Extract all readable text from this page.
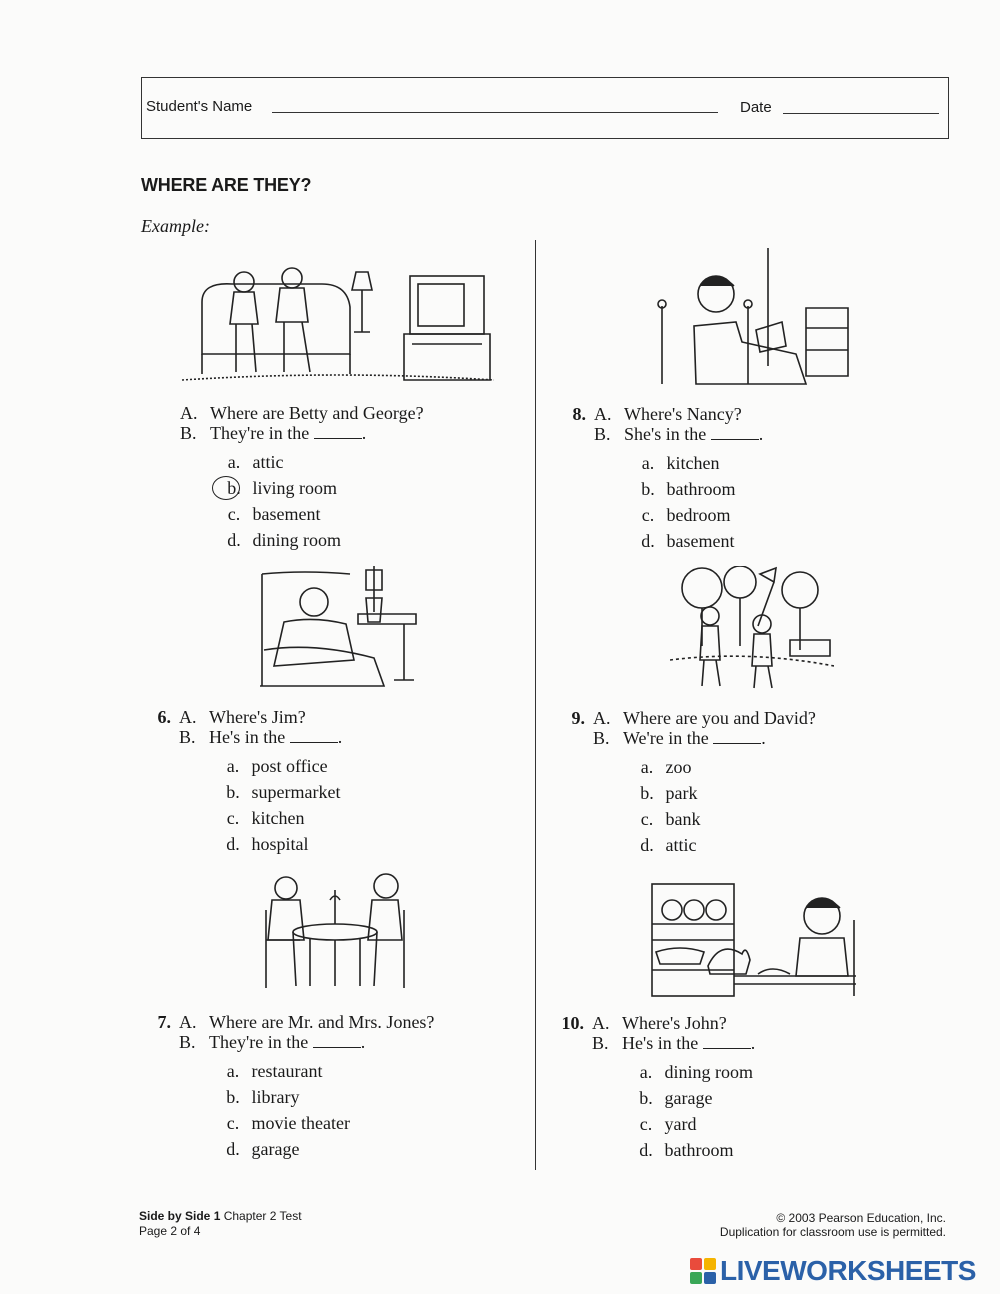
Student's Name	Date
WHERE ARE THEY?
Example:
A. Where are Betty and George?
B. They're in the	.
a. attic
b. living room
c. basement
d. dining room
6. A. Where's Jim?
B. He's in the	.
a. post office
b. supermarket
c. kitchen
d. hospital
7. A. Where are Mr. and Mrs. Jones?
B. They're in the	.
a. restaurant
b. library
c. movie theater
d. garage
8. A. Where's Nancy?
B. She's in the	.
a. kitchen
b. bathroom
c. bedroom
d. basement
9. A. Where are you and David?
B. We're in the	.
a. zoo
b. park
c. bank
d. attic
10. A. Where's John?
B. He's in the	.
a. dining room
b. garage
c. yard
d. bathroom
Side by Side 1 Chapter 2 Test
Page 2 of 4
© 2003 Pearson Education, Inc.
Duplication for classroom use is permitted.
LIVEWORKSHEETS
